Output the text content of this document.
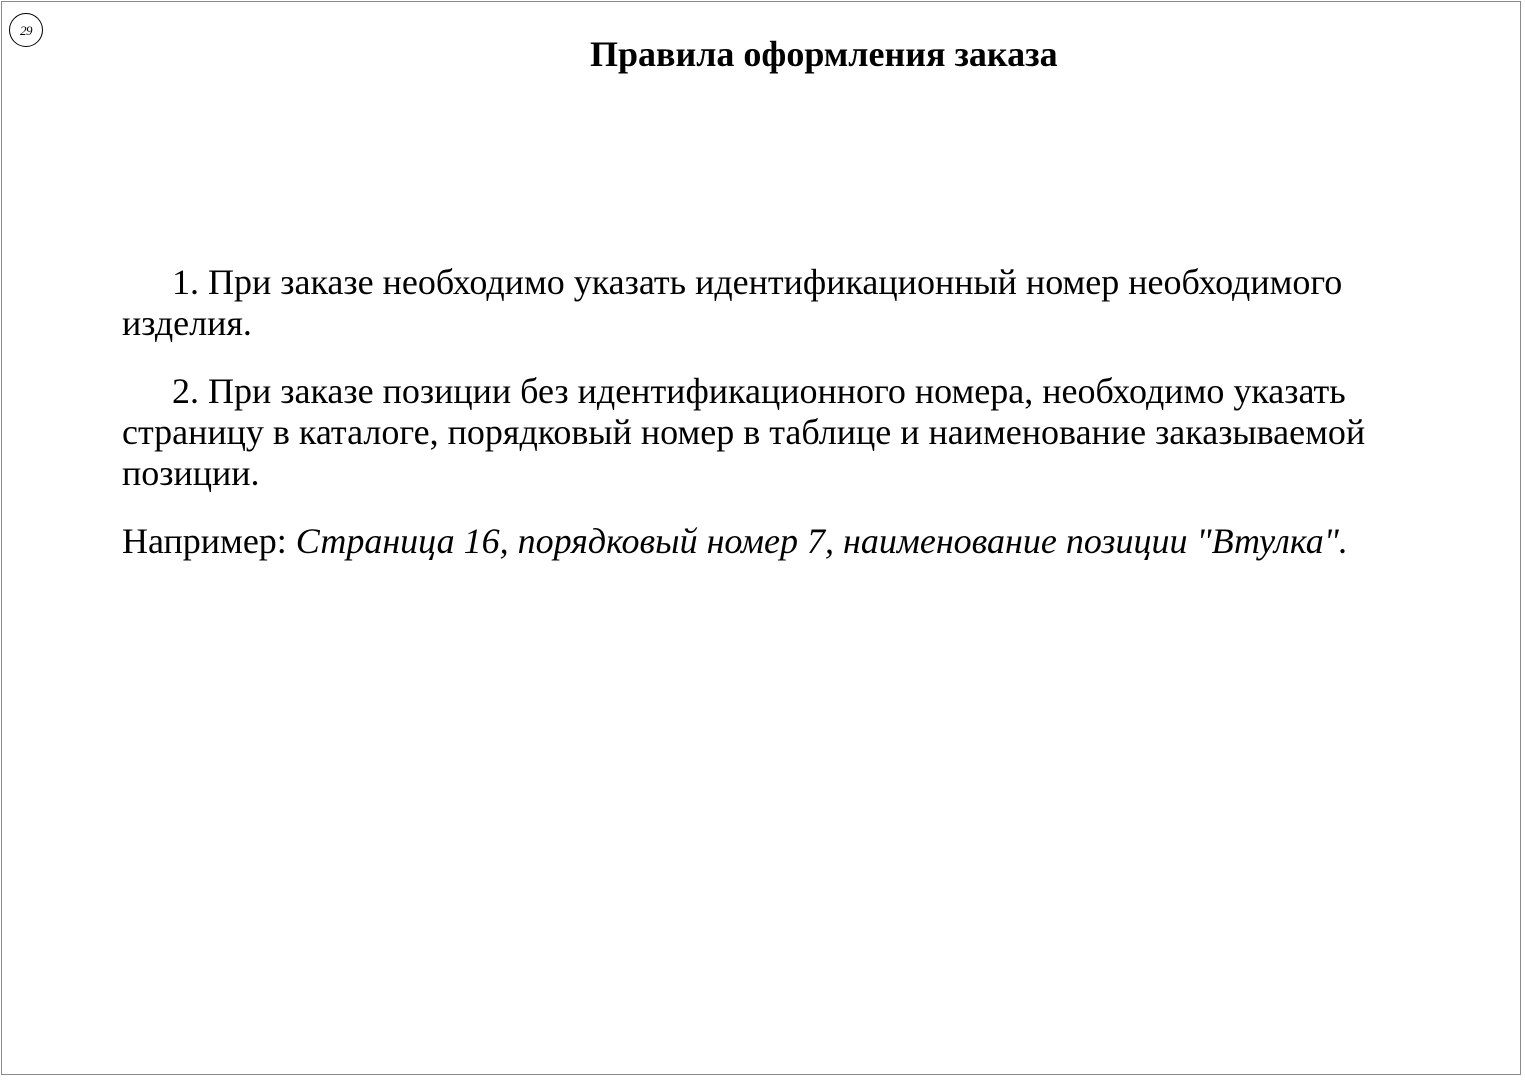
29
Правила оформления заказа

1. При заказе необходимо указать идентификационный номер необходимого изделия.

2. При заказе позиции без идентификационного номера, необходимо указать страницу в каталоге, порядковый номер в таблице и наименование заказываемой позиции.

Например: Страница 16, порядковый номер 7, наименование позиции "Втулка".
